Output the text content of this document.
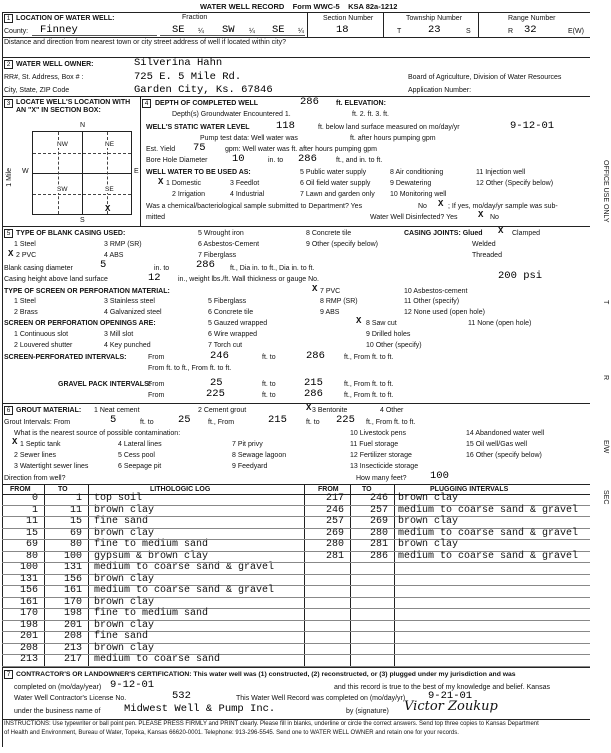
WATER WELL RECORD Form WWC-5 KSA 82a-1212
1 LOCATION OF WATER WELL:	Fraction
County: Finney	SE ¼ SW ¼ SE ¼
Section Number
18
Township Number
T	23	S
Range Number
R 32	E(W)
Distance and direction from nearest town or city street address of well if located within city?
2 WATER WELL OWNER:	Silverina Hahn
RR#, St. Address, Box # :	725 E. 5 Mile Rd.	Board of Agriculture, Division of Water Resources
City, State, ZIP Code	Garden City, Ks. 67846	Application Number:
3 LOCATE WELL'S LOCATION WITH AN "X" IN SECTION BOX:
N
S
W	E
1 Mile
NW	NE
SW	SE
X
4 DEPTH OF COMPLETED WELL	286 ft. ELEVATION:
Depth(s) Groundwater Encountered 1.	ft. 2. ft. 3. ft.
WELL'S STATIC WATER LEVEL	118	ft. below land surface measured on mo/day/yr	9-12-01
Pump test data: Well water was	ft. after hours pumping gpm
Est. Yield 75	gpm: Well water was ft. after hours pumping gpm
Bore Hole Diameter 10	in. to 286	ft., and in. to ft.
WELL WATER TO BE USED AS:
X 1 Domestic	3 Feedlot
5 Public water supply
6 Oil field water supply
7 Lawn and garden only
8 Air conditioning
9 Dewatering
10 Monitoring well
11 Injection well
12 Other (Specify below)
2 Irrigation	4 Industrial
Was a chemical/bacteriological sample submitted to Department? Yes	No X ; If yes, mo/day/yr sample was sub-
mitted	Water Well Disinfected? Yes X No
5 TYPE OF BLANK CASING USED:
1 Steel
X 2 PVC
3 RMP (SR)
4 ABS
5 Wrought iron
6 Asbestos-Cement
7 Fiberglass
8 Concrete tile
9 Other (specify below)
CASING JOINTS: Glued X Clamped
Welded
Threaded
Blank casing diameter	5	in. to	286 ft., Dia in. to ft., Dia in. to ft.
Casing height above land surface	12 in., weight lbs./ft. Wall thickness or gauge No.	200 psi
TYPE OF SCREEN OR PERFORATION MATERIAL:
1 Steel
2 Brass
3 Stainless steel
4 Galvanized steel
5 Fiberglass
6 Concrete tile
X 7 PVC
8 RMP (SR)
9 ABS
10 Asbestos-cement
11 Other (specify)
12 None used (open hole)
SCREEN OR PERFORATION OPENINGS ARE:
1 Continuous slot
2 Louvered shutter
3 Mill slot
4 Key punched
5 Gauzed wrapped
6 Wire wrapped
7 Torch cut
X 8 Saw cut
9 Drilled holes
10 Other (specify)
11 None (open hole)
SCREEN-PERFORATED INTERVALS:	From	246	ft. to	286	ft., From ft. to ft.
From ft. to ft., From ft. to ft.
GRAVEL PACK INTERVALS:
From	25	ft. to	215	ft., From ft. to ft.
From	225	ft. to	286	ft., From ft. to ft.
6 GROUT MATERIAL: 1 Neat cement	2 Cement grout	X 3 Bentonite	4 Other
Grout Intervals: From	5	ft. to 25 ft., From	215	ft. to 225 ft., From ft. to ft.
What is the nearest source of possible contamination:	10 Livestock pens	14 Abandoned water well
X 1 Septic tank
2 Sewer lines
3 Watertight sewer lines
4 Lateral lines
5 Cess pool
6 Seepage pit
7 Pit privy
8 Sewage lagoon
9 Feedyard
11 Fuel storage
12 Fertilizer storage
13 Insecticide storage
15 Oil well/Gas well
16 Other (specify below)
Direction from well?	How many feet? 100
FROM	TO	LITHOLOGIC LOG	FROM	TO	PLUGGING INTERVALS
0	1 top soil
1	11 brown clay
11	15 fine sand
15	69 brown clay
69	80 fine to medium sand
80	100 gypsum & brown clay
100	131 medium to coarse sand & gravel
131	156 brown clay
156	161 medium to coarse sand & gravel
161	170 brown clay
170	198 fine to medium sand
198	201 brown clay
201	208 fine sand
208	213 brown clay
213	217 medium to coarse sand
217	246 brown clay
246	257 medium to coarse sand & gravel
257	269 brown clay
269	280 medium to coarse sand & gravel
280	281 brown clay
281	286 medium to coarse sand & gravel
7 CONTRACTOR'S OR LANDOWNER'S CERTIFICATION: This water well was (1) constructed, (2) reconstructed, or (3) plugged under my jurisdiction and was
completed on (mo/day/year) 9-12-01	and this record is true to the best of my knowledge and belief. Kansas
Water Well Contractor's License No.	532	This Water Well Record was completed on (mo/day/yr) 9-21-01
under the business name of Midwest Well & Pump Inc.	by (signature) Victor Zoukup
INSTRUCTIONS: Use typewriter or ball point pen. PLEASE PRESS FIRMLY and PRINT clearly. Please fill in blanks, underline or circle the correct answers. Send top three copies to Kansas Department
of Health and Environment, Bureau of Water, Topeka, Kansas 66620-0001. Telephone: 913-296-5545. Send one to WATER WELL OWNER and retain one for your records.
OFFICE USE ONLY
T
R
E/W
SEC
